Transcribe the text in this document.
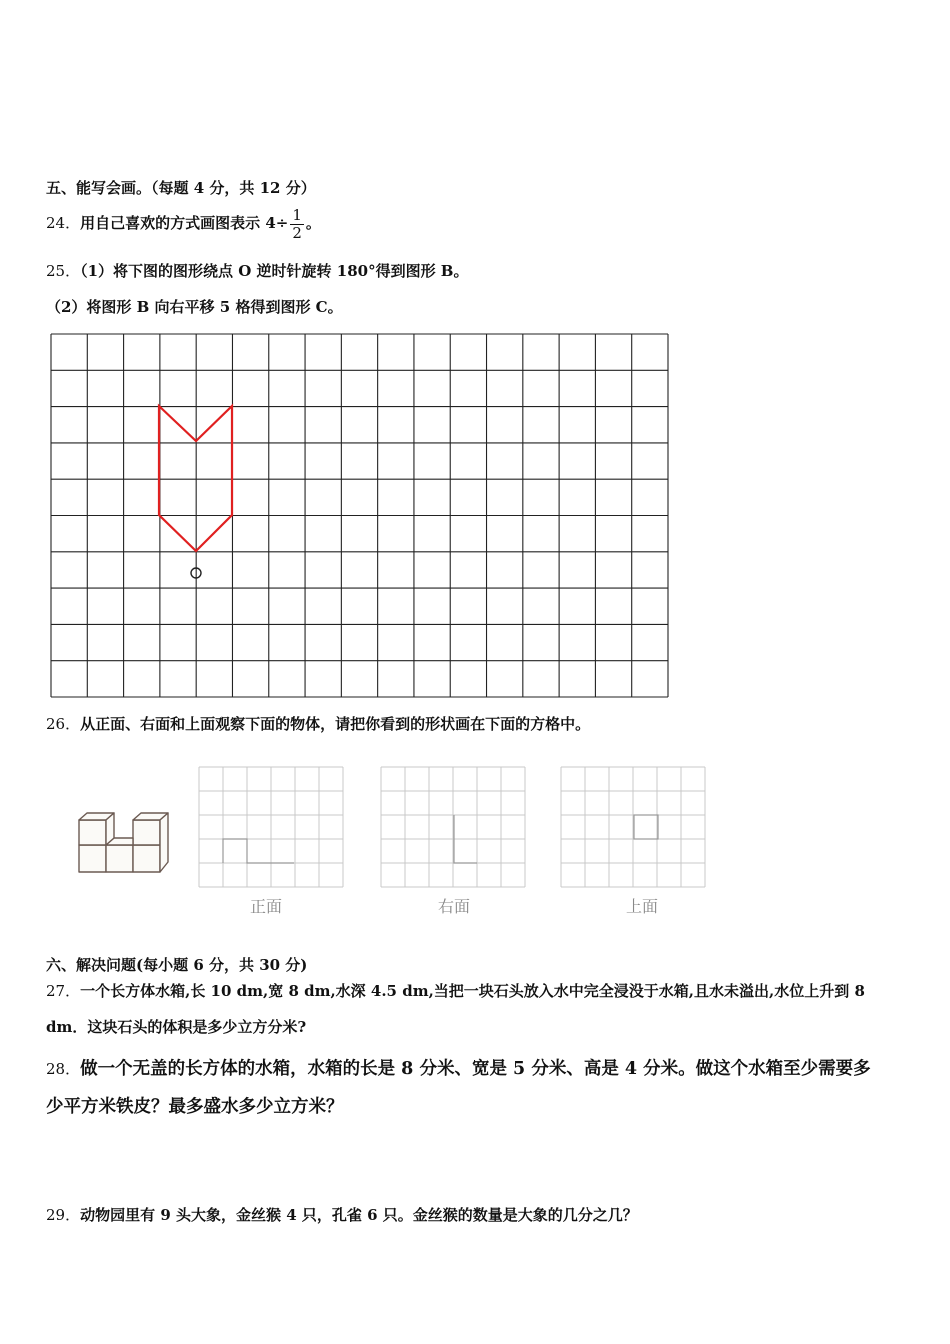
五、能写会画。（每题 4 分，共 12 分）
24．用自己喜欢的方式画图表示 $4\div \frac{1}{2}$ 。
25．（1）将下图的图形绕点 O 逆时针旋转 180°得到图形 B。
（2）将图形 B 向右平移 5 格得到图形 C。
26．从正面、右面和上面观察下面的物体，请把你看到的形状画在下面的方格中。
正面	右面	上面
六、解决问题(每小题 6 分，共 30 分)
27．一个长方体水箱,长 10 dm,宽 8 dm,水深 4.5 dm,当把一块石头放入水中完全浸没于水箱,且水未溢出,水位上升到 8
dm．这块石头的体积是多少立方分米?
28．做一个无盖的长方体的水箱，水箱的长是 8 分米、宽是 5 分米、高是 4 分米。做这个水箱至少需要多
少平方米铁皮？最多盛水多少立方米？
29．动物园里有 9 头大象，金丝猴 4 只，孔雀 6 只。金丝猴的数量是大象的几分之几？
